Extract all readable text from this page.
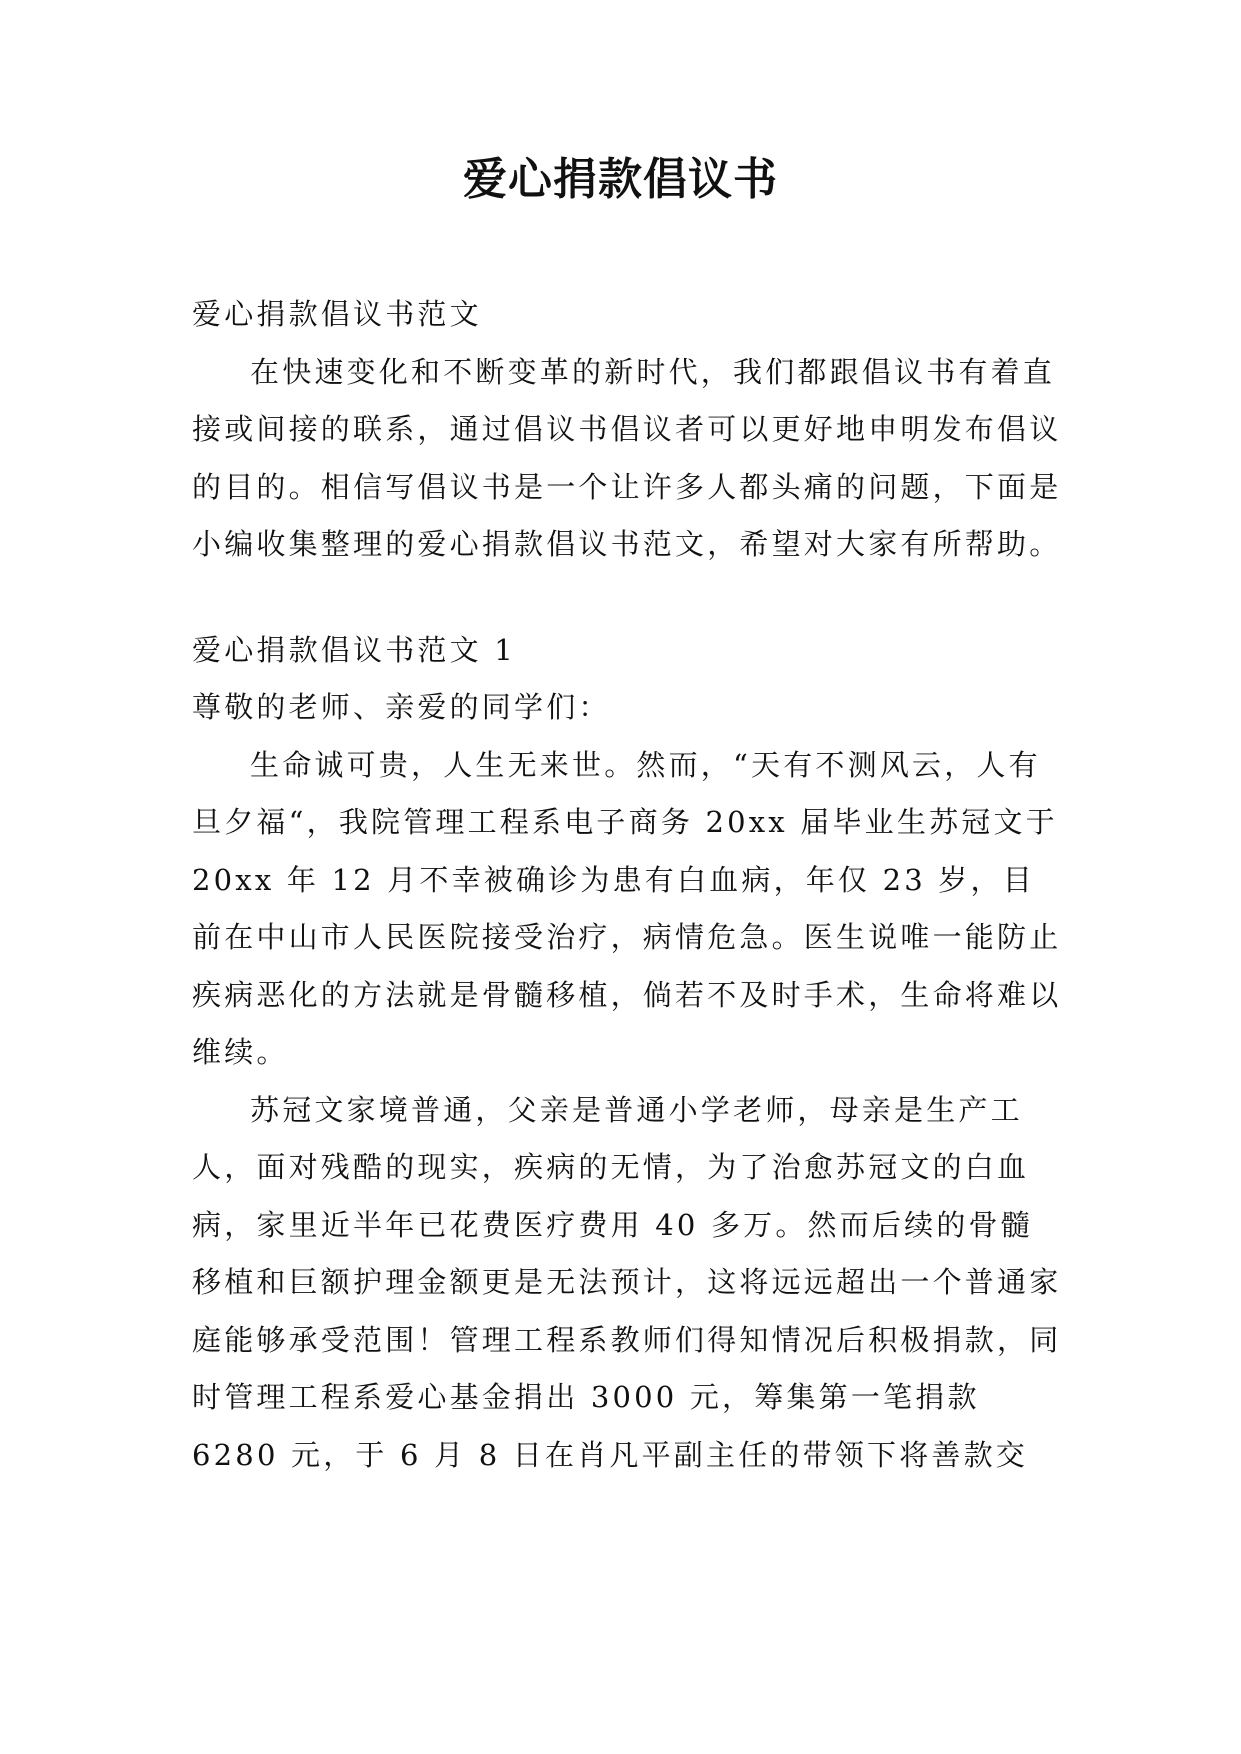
爱心捐款倡议书

爱心捐款倡议书范文

在快速变化和不断变革的新时代，我们都跟倡议书有着直接或间接的联系，通过倡议书倡议者可以更好地申明发布倡议的目的。相信写倡议书是一个让许多人都头痛的问题，下面是小编收集整理的爱心捐款倡议书范文，希望对大家有所帮助。

爱心捐款倡议书范文 1

尊敬的老师、亲爱的同学们：

生命诚可贵，人生无来世。然而，“天有不测风云，人有旦夕福“，我院管理工程系电子商务 20xx 届毕业生苏冠文于 20xx 年 12 月不幸被确诊为患有白血病，年仅 23 岁，目前在中山市人民医院接受治疗，病情危急。医生说唯一能防止疾病恶化的方法就是骨髓移植，倘若不及时手术，生命将难以维续。

苏冠文家境普通，父亲是普通小学老师，母亲是生产工人，面对残酷的现实，疾病的无情，为了治愈苏冠文的白血病，家里近半年已花费医疗费用 40 多万。然而后续的骨髓移植和巨额护理金额更是无法预计，这将远远超出一个普通家庭能够承受范围！管理工程系教师们得知情况后积极捐款，同时管理工程系爱心基金捐出 3000 元，筹集第一笔捐款 6280 元，于 6 月 8 日在肖凡平副主任的带领下将善款交
